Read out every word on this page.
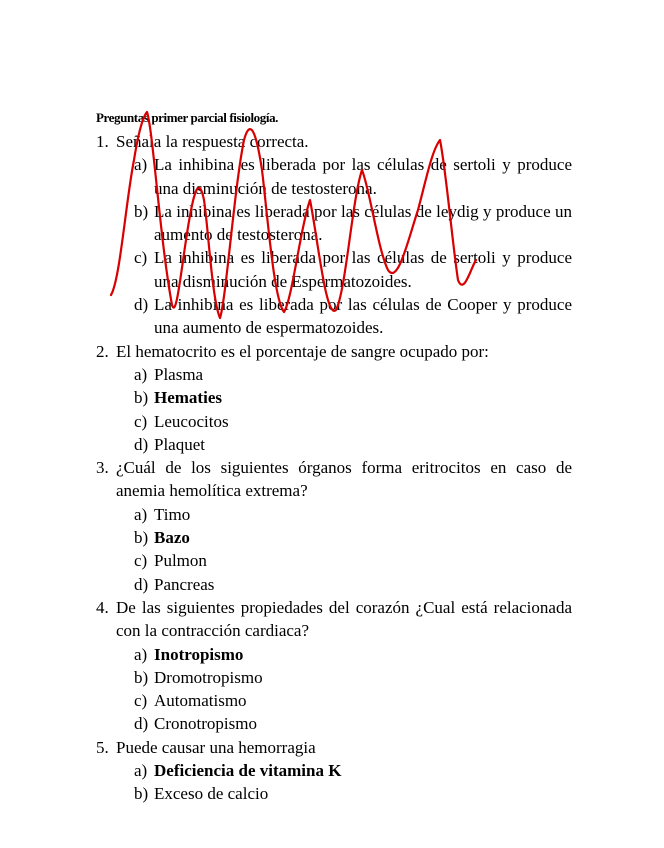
Preguntas primer parcial fisiología.
1. Señala la respuesta correcta.
a) La inhibina es liberada por las células de sertoli y produce una disminución de testosterona.
b) La inhibina es liberada por las células de leydig y produce un aumento de testosterona.
c) La inhibina es liberada por las células de sertoli y produce una disminución de Espermatozoides.
d) La inhibina es liberada por las células de Cooper y produce una aumento de espermatozoides.
2. El hematocrito es el porcentaje de sangre ocupado por:
a) Plasma
b) Hematies
c) Leucocitos
d) Plaquet
3. ¿Cuál de los siguientes órganos forma eritrocitos en caso de anemia hemolítica extrema?
a) Timo
b) Bazo
c) Pulmon
d) Pancreas
4. De las siguientes propiedades del corazón ¿Cual está relacionada con la contracción cardiaca?
a) Inotropismo
b) Dromotropismo
c) Automatismo
d) Cronotropismo
5. Puede causar una hemorragia
a) Deficiencia de vitamina K
b) Exceso de calcio
